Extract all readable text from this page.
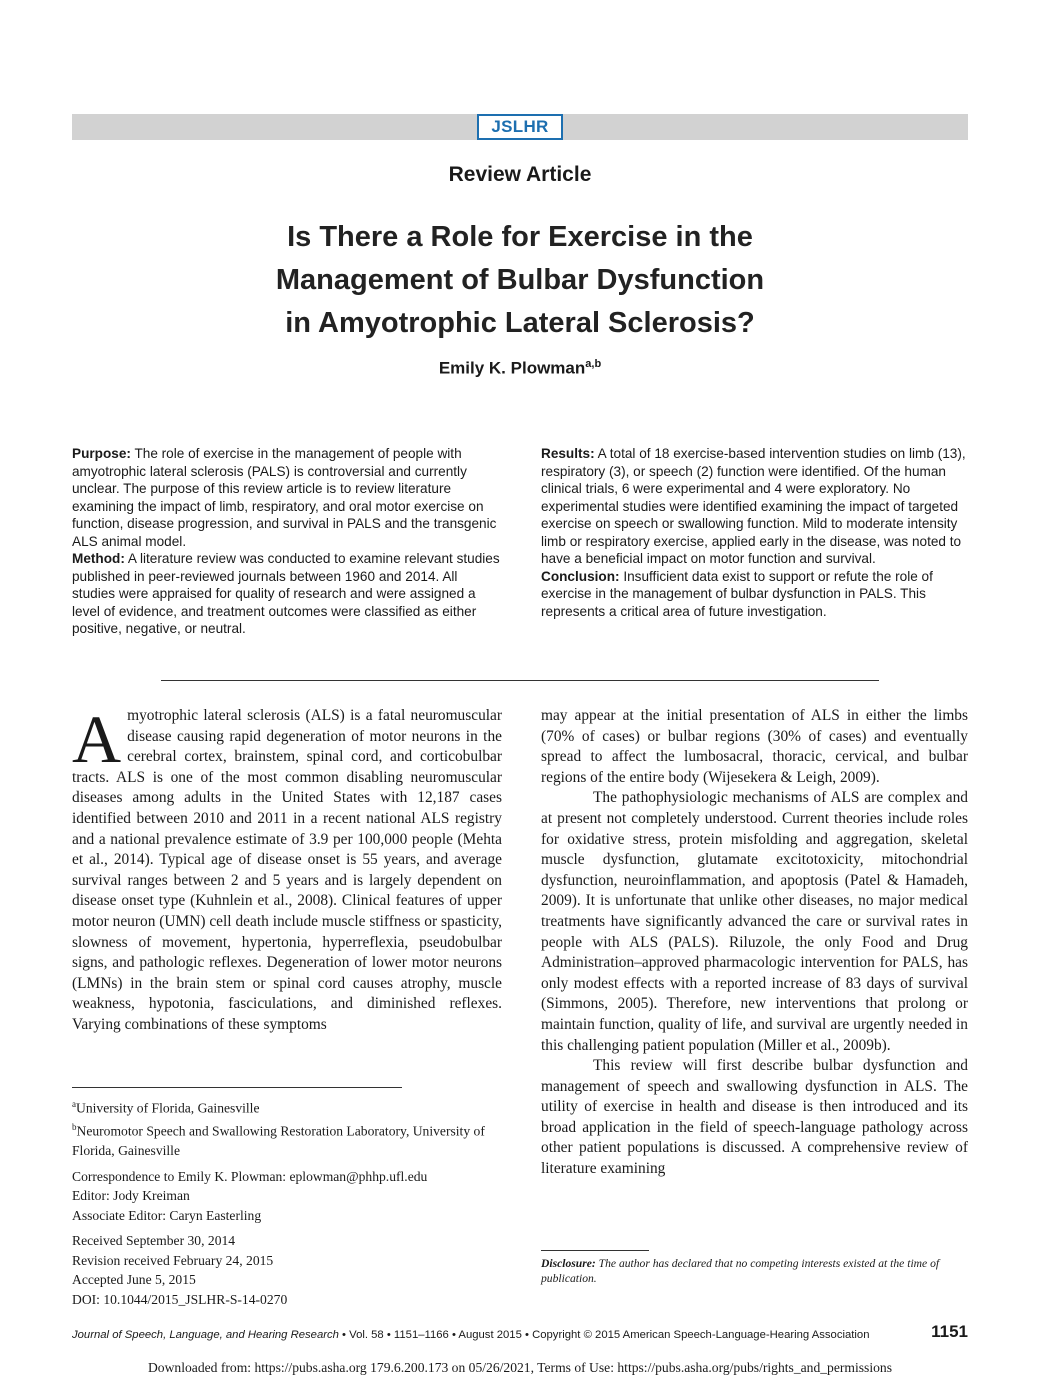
JSLHR
Review Article
Is There a Role for Exercise in the
Management of Bulbar Dysfunction
in Amyotrophic Lateral Sclerosis?
Emily K. Plowman$^{a,b}$

Purpose: The role of exercise in the management of people with amyotrophic lateral sclerosis (PALS) is controversial and currently unclear. The purpose of this review article is to review literature examining the impact of limb, respiratory, and oral motor exercise on function, disease progression, and survival in PALS and the transgenic ALS animal model.

Method: A literature review was conducted to examine relevant studies published in peer-reviewed journals between 1960 and 2014. All studies were appraised for quality of research and were assigned a level of evidence, and treatment outcomes were classified as either positive, negative, or neutral.

Results: A total of 18 exercise-based intervention studies on limb (13), respiratory (3), or speech (2) function were identified. Of the human clinical trials, 6 were experimental and 4 were exploratory. No experimental studies were identified examining the impact of targeted exercise on speech or swallowing function. Mild to moderate intensity limb or respiratory exercise, applied early in the disease, was noted to have a beneficial impact on motor function and survival.

Conclusion: Insufficient data exist to support or refute the role of exercise in the management of bulbar dysfunction in PALS. This represents a critical area of future investigation.

Amyotrophic lateral sclerosis (ALS) is a fatal neuromuscular disease causing rapid degeneration of motor neurons in the cerebral cortex, brainstem, spinal cord, and corticobulbar tracts. ALS is one of the most common disabling neuromuscular diseases among adults in the United States with 12,187 cases identified between 2010 and 2011 in a recent national ALS registry and a national prevalence estimate of 3.9 per 100,000 people (Mehta et al., 2014). Typical age of disease onset is 55 years, and average survival ranges between 2 and 5 years and is largely dependent on disease onset type (Kuhnlein et al., 2008). Clinical features of upper motor neuron (UMN) cell death include muscle stiffness or spasticity, slowness of movement, hypertonia, hyperreflexia, pseudobulbar signs, and pathologic reflexes. Degeneration of lower motor neurons (LMNs) in the brain stem or spinal cord causes atrophy, muscle weakness, hypotonia, fasciculations, and diminished reflexes. Varying combinations of these symptoms

may appear at the initial presentation of ALS in either the limbs (70% of cases) or bulbar regions (30% of cases) and eventually spread to affect the lumbosacral, thoracic, cervical, and bulbar regions of the entire body (Wijesekera & Leigh, 2009).

The pathophysiologic mechanisms of ALS are complex and at present not completely understood. Current theories include roles for oxidative stress, protein misfolding and aggregation, skeletal muscle dysfunction, glutamate excitotoxicity, mitochondrial dysfunction, neuroinflammation, and apoptosis (Patel & Hamadeh, 2009). It is unfortunate that unlike other diseases, no major medical treatments have significantly advanced the care or survival rates in people with ALS (PALS). Riluzole, the only Food and Drug Administration–approved pharmacologic intervention for PALS, has only modest effects with a reported increase of 83 days of survival (Simmons, 2005). Therefore, new interventions that prolong or maintain function, quality of life, and survival are urgently needed in this challenging patient population (Miller et al., 2009b).

This review will first describe bulbar dysfunction and management of speech and swallowing dysfunction in ALS. The utility of exercise in health and disease is then introduced and its broad application in the field of speech-language pathology across other patient populations is discussed. A comprehensive review of literature examining

$^a$University of Florida, Gainesville
$^b$Neuromotor Speech and Swallowing Restoration Laboratory, University of Florida, Gainesville
Correspondence to Emily K. Plowman: eplowman@phhp.ufl.edu
Editor: Jody Kreiman
Associate Editor: Caryn Easterling
Received September 30, 2014
Revision received February 24, 2015
Accepted June 5, 2015
DOI: 10.1044/2015_JSLHR-S-14-0270
Disclosure: The author has declared that no competing interests existed at the time of publication.
Journal of Speech, Language, and Hearing Research • Vol. 58 • 1151–1166 • August 2015 • Copyright © 2015 American Speech-Language-Hearing Association	1151
Downloaded from: https://pubs.asha.org 179.6.200.173 on 05/26/2021, Terms of Use: https://pubs.asha.org/pubs/rights_and_permissions
